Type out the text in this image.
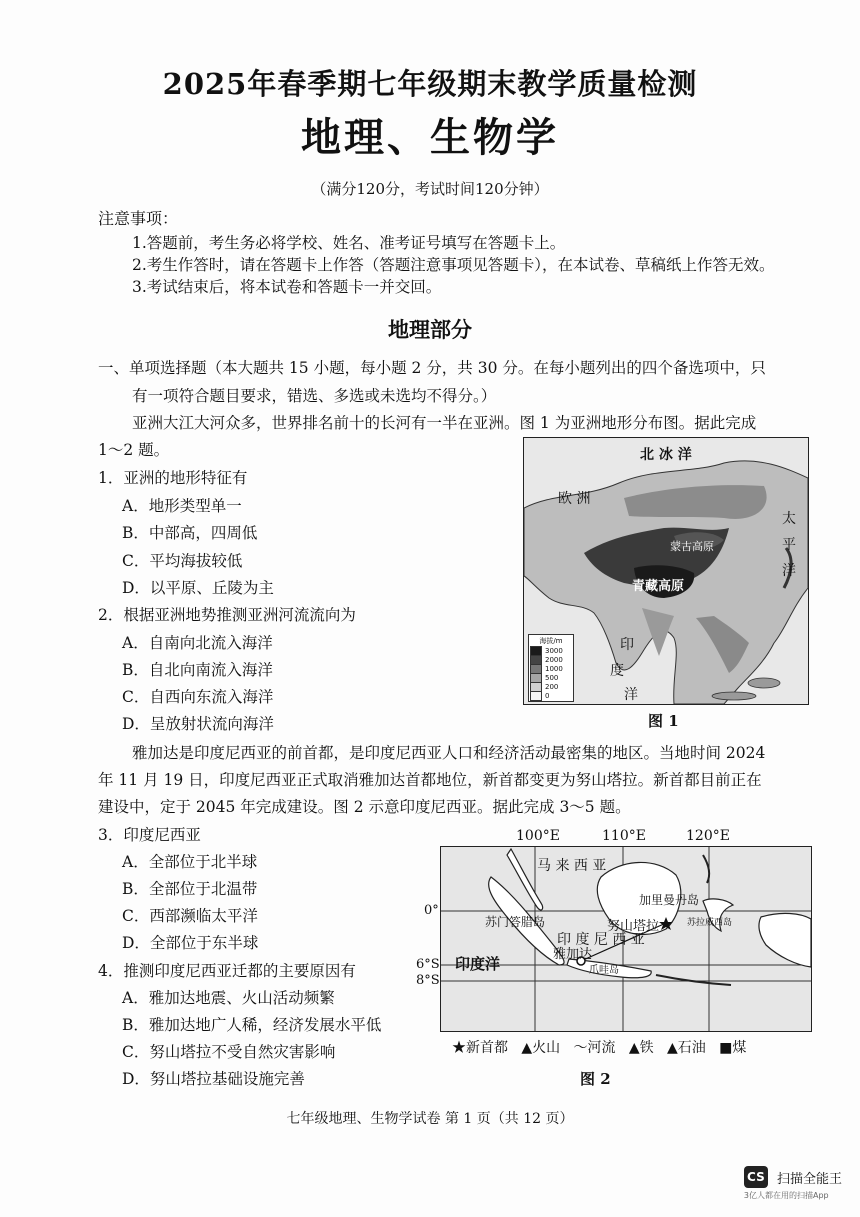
2025年春季期七年级期末教学质量检测
地理、生物学
（满分120分，考试时间120分钟）
注意事项：
1.答题前，考生务必将学校、姓名、准考证号填写在答题卡上。
2.考生作答时，请在答题卡上作答（答题注意事项见答题卡），在本试卷、草稿纸上作答无效。
3.考试结束后，将本试卷和答题卡一并交回。
地理部分
一、单项选择题（本大题共 15 小题，每小题 2 分，共 30 分。在每小题列出的四个备选项中，只
有一项符合题目要求，错选、多选或未选均不得分。）
亚洲大江大河众多，世界排名前十的长河有一半在亚洲。图 1 为亚洲地形分布图。据此完成
1～2 题。
1．亚洲的地形特征有
A．地形类型单一
B．中部高，四周低
C．平均海拔较低
D．以平原、丘陵为主
2．根据亚洲地势推测亚洲河流流向为
A．自南向北流入海洋
B．自北向南流入海洋
C．自西向东流入海洋
D．呈放射状流向海洋
北 冰 洋
欧 洲
太
平
洋
蒙古高原
青藏高原
印
度
洋
海拔/m
3000
2000
1000
500
200
0
图 1
雅加达是印度尼西亚的前首都，是印度尼西亚人口和经济活动最密集的地区。当地时间 2024
年 11 月 19 日，印度尼西亚正式取消雅加达首都地位，新首都变更为努山塔拉。新首都目前正在
建设中，定于 2045 年完成建设。图 2 示意印度尼西亚。据此完成 3～5 题。
3．印度尼西亚
A．全部位于北半球
B．全部位于北温带
C．西部濒临太平洋
D．全部位于东半球
4．推测印度尼西亚迁都的主要原因有
A．雅加达地震、火山活动频繁
B．雅加达地广人稀，经济发展水平低
C．努山塔拉不受自然灾害影响
D．努山塔拉基础设施完善
100°E	110°E	120°E
0°
6°S
8°S
马 来 西 亚
苏门答腊岛
加里曼丹岛
努山塔拉	苏拉威西岛
印 度 尼 西 亚
雅加达
爪哇岛
印度洋
★新首都 ▲火山 ～河流 ▲铁 ▲石油 ■煤
图 2
七年级地理、生物学试卷 第 1 页（共 12 页）
CS 扫描全能王
3亿人都在用的扫描App
